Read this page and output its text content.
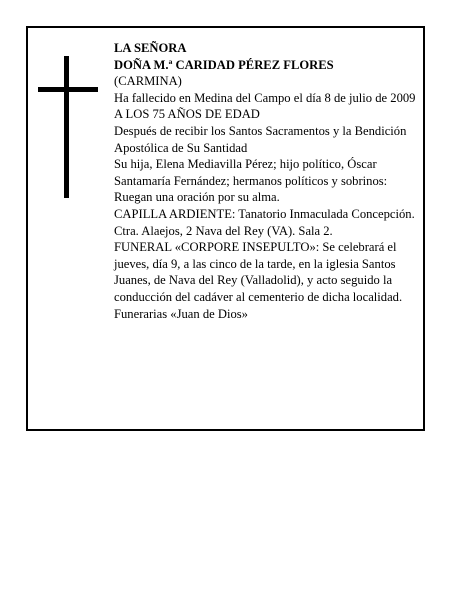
LA SEÑORA

DOÑA M.ª CARIDAD PÉREZ FLORES

(CARMINA)

Ha fallecido en Medina del Campo el día 8 de julio de 2009

A LOS 75 AÑOS DE EDAD

Después de recibir los Santos Sacramentos y la Bendición Apostólica de Su Santidad

Su hija, Elena Mediavilla Pérez; hijo político, Óscar Santamaría Fernández; hermanos políticos y sobrinos:

Ruegan una oración por su alma.

CAPILLA ARDIENTE: Tanatorio Inmaculada Concepción. Ctra. Alaejos, 2 Nava del Rey (VA). Sala 2.

FUNERAL «CORPORE INSEPULTO»: Se celebrará el jueves, día 9, a las cinco de la tarde, en la iglesia Santos Juanes, de Nava del Rey (Valladolid), y acto seguido la conducción del cadáver al cementerio de dicha localidad.

Funerarias «Juan de Dios»
